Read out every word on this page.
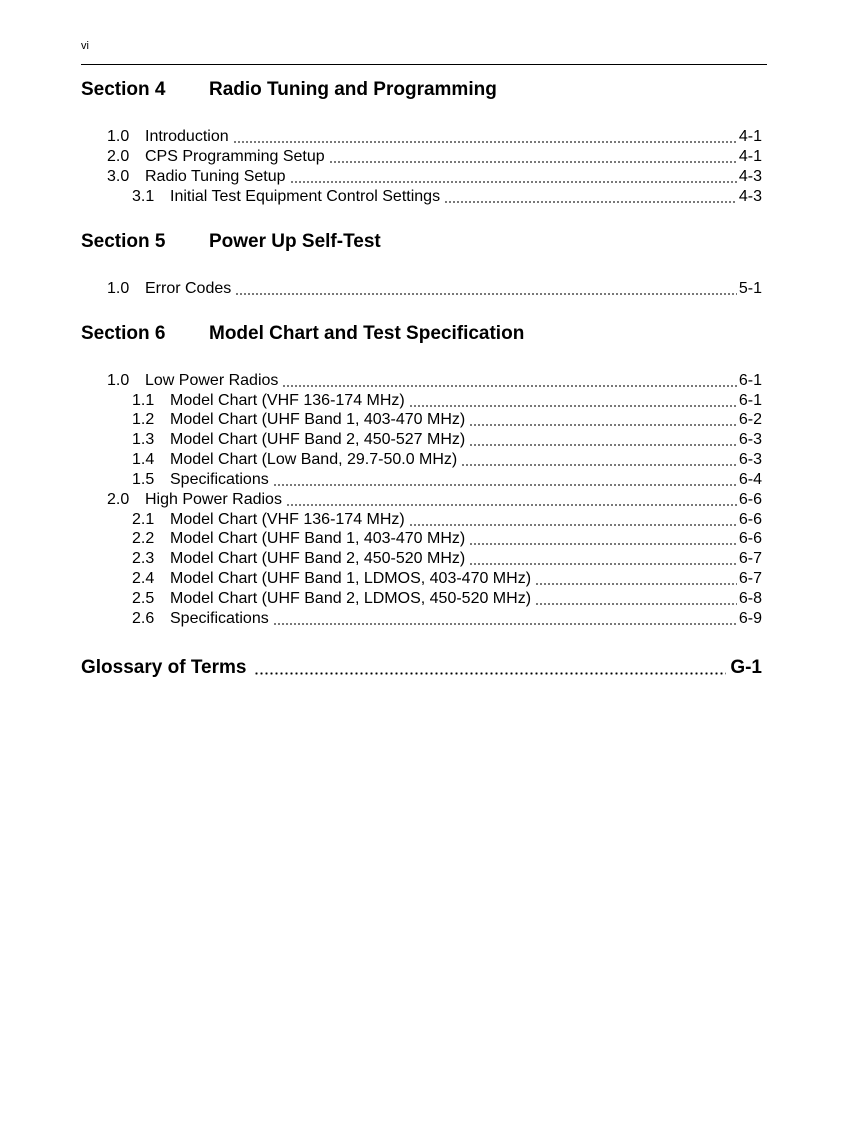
vi
Section 4 Radio Tuning and Programming
1.0 Introduction	4-1
2.0 CPS Programming Setup	4-1
3.0 Radio Tuning Setup	4-3
3.1 Initial Test Equipment Control Settings	4-3
Section 5 Power Up Self-Test
1.0 Error Codes	5-1
Section 6 Model Chart and Test Specification
1.0 Low Power Radios	6-1
1.1 Model Chart (VHF 136-174 MHz)	6-1
1.2 Model Chart (UHF Band 1, 403-470 MHz)	6-2
1.3 Model Chart (UHF Band 2, 450-527 MHz)	6-3
1.4 Model Chart (Low Band, 29.7-50.0 MHz)	6-3
1.5 Specifications	6-4
2.0 High Power Radios	6-6
2.1 Model Chart (VHF 136-174 MHz)	6-6
2.2 Model Chart (UHF Band 1, 403-470 MHz)	6-6
2.3 Model Chart (UHF Band 2, 450-520 MHz)	6-7
2.4 Model Chart (UHF Band 1, LDMOS, 403-470 MHz)	6-7
2.5 Model Chart (UHF Band 2, LDMOS, 450-520 MHz)	6-8
2.6 Specifications	6-9
Glossary of Terms	G-1
